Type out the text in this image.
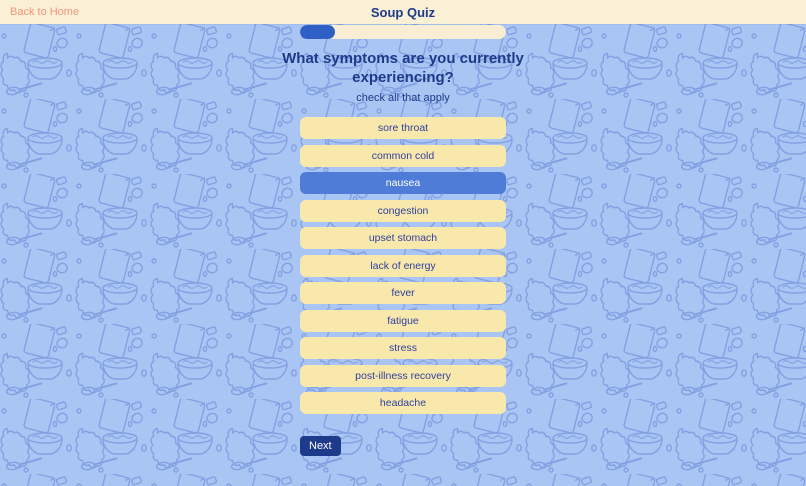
Back to Home	Soup Quiz
What symptoms are you currently experiencing?

check all that apply

sore throat
common cold
nausea
congestion
upset stomach
lack of energy
fever
fatigue
stress
post-illness recovery
headache
Next
